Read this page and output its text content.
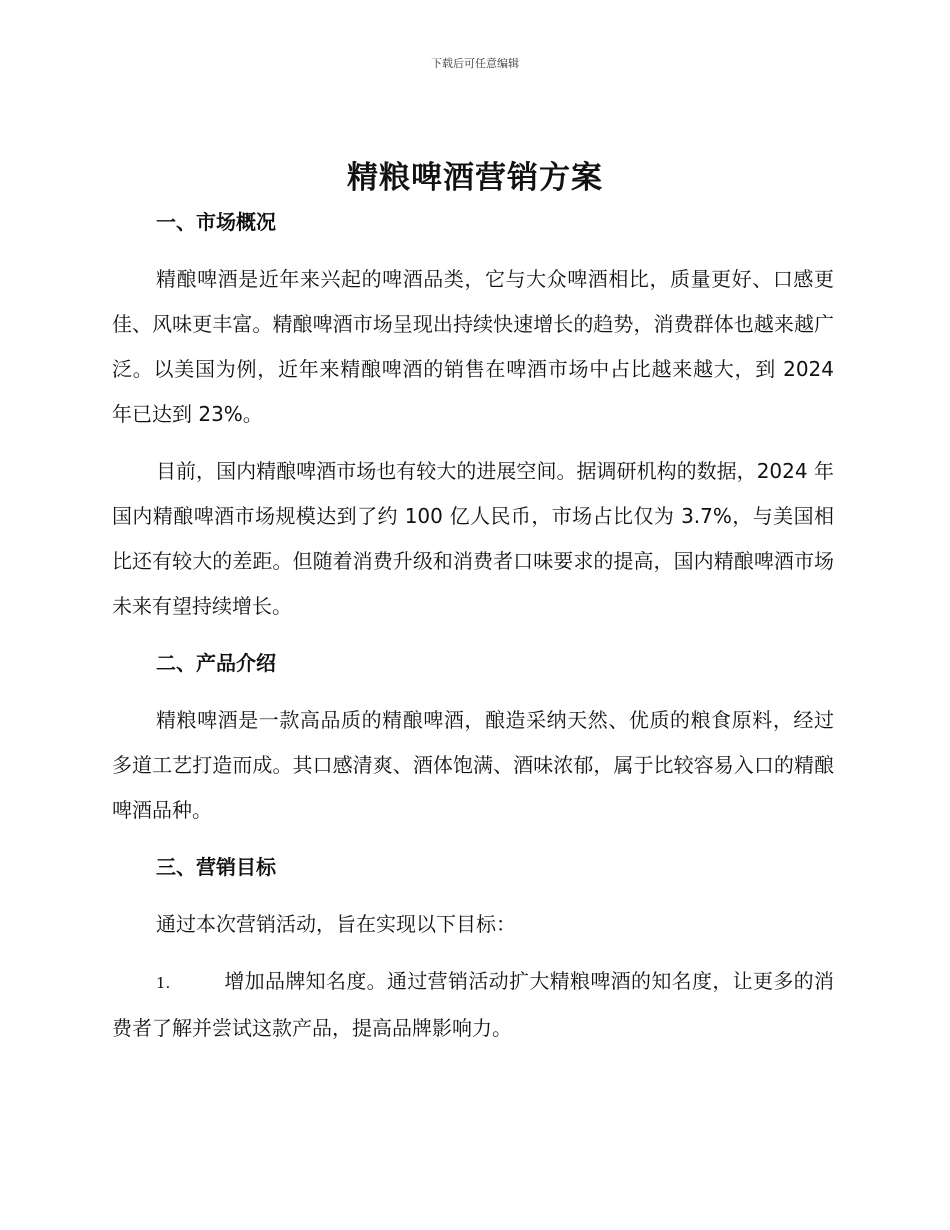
下载后可任意编辑
精粮啤酒营销方案

一、市场概况

精酿啤酒是近年来兴起的啤酒品类，它与大众啤酒相比，质量更好、口感更佳、风味更丰富。精酿啤酒市场呈现出持续快速增长的趋势，消费群体也越来越广泛。以美国为例，近年来精酿啤酒的销售在啤酒市场中占比越来越大，到 2024 年已达到 23%。

目前，国内精酿啤酒市场也有较大的进展空间。据调研机构的数据，2024 年国内精酿啤酒市场规模达到了约 100 亿人民币，市场占比仅为 3.7%，与美国相比还有较大的差距。但随着消费升级和消费者口味要求的提高，国内精酿啤酒市场未来有望持续增长。

二、产品介绍

精粮啤酒是一款高品质的精酿啤酒，酿造采纳天然、优质的粮食原料，经过多道工艺打造而成。其口感清爽、酒体饱满、酒味浓郁，属于比较容易入口的精酿啤酒品种。

三、营销目标

通过本次营销活动，旨在实现以下目标：

1.	增加品牌知名度。通过营销活动扩大精粮啤酒的知名度，让更多的消费者了解并尝试这款产品，提高品牌影响力。
